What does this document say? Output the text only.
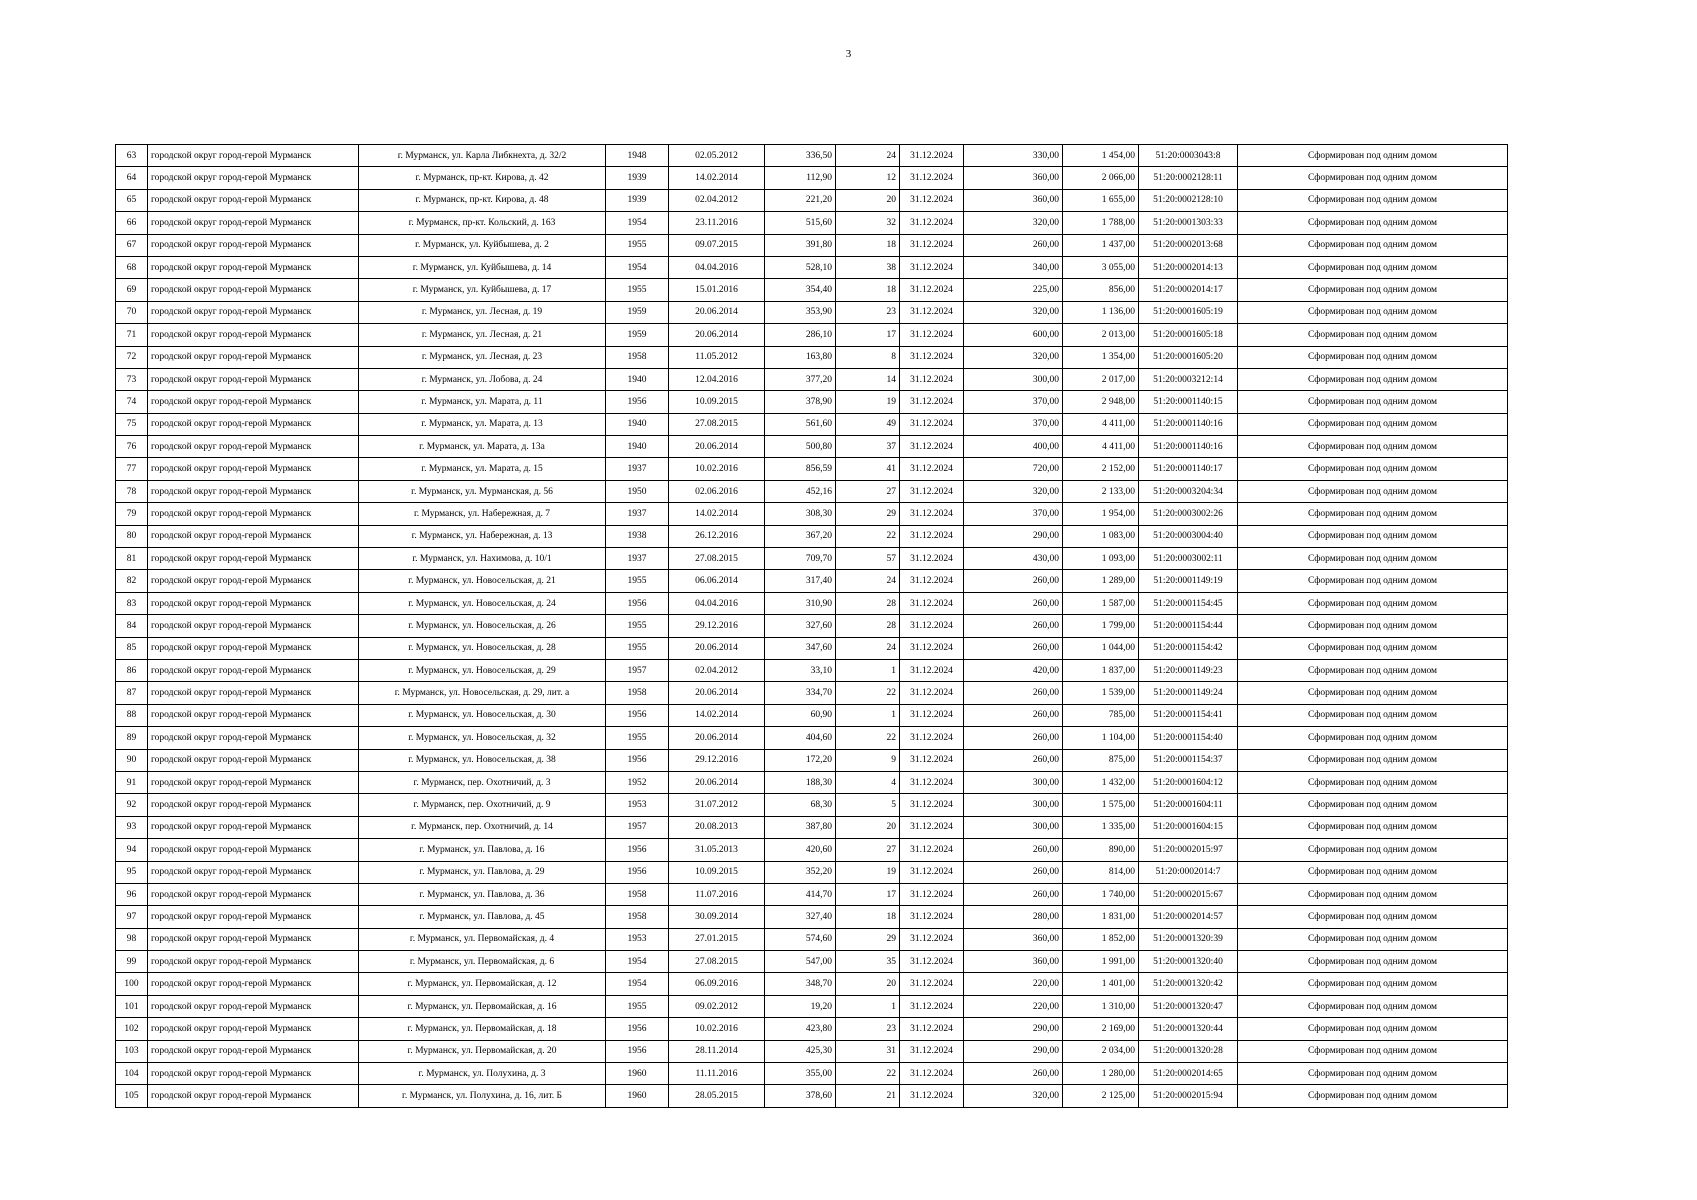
3
63	городской округ город-герой Мурманск	г. Мурманск, ул. Карла Либкнехта, д. 32/2	1948	02.05.2012	336,50	24	31.12.2024	330,00	1 454,00	51:20:0003043:8	Сформирован под одним домом
64	городской округ город-герой Мурманск	г. Мурманск, пр-кт. Кирова, д. 42	1939	14.02.2014	112,90	12	31.12.2024	360,00	2 066,00	51:20:0002128:11	Сформирован под одним домом
65	городской округ город-герой Мурманск	г. Мурманск, пр-кт. Кирова, д. 48	1939	02.04.2012	221,20	20	31.12.2024	360,00	1 655,00	51:20:0002128:10	Сформирован под одним домом
66	городской округ город-герой Мурманск	г. Мурманск, пр-кт. Кольский, д. 163	1954	23.11.2016	515,60	32	31.12.2024	320,00	1 788,00	51:20:0001303:33	Сформирован под одним домом
67	городской округ город-герой Мурманск	г. Мурманск, ул. Куйбышева, д. 2	1955	09.07.2015	391,80	18	31.12.2024	260,00	1 437,00	51:20:0002013:68	Сформирован под одним домом
68	городской округ город-герой Мурманск	г. Мурманск, ул. Куйбышева, д. 14	1954	04.04.2016	528,10	38	31.12.2024	340,00	3 055,00	51:20:0002014:13	Сформирован под одним домом
69	городской округ город-герой Мурманск	г. Мурманск, ул. Куйбышева, д. 17	1955	15.01.2016	354,40	18	31.12.2024	225,00	856,00	51:20:0002014:17	Сформирован под одним домом
70	городской округ город-герой Мурманск	г. Мурманск, ул. Лесная, д. 19	1959	20.06.2014	353,90	23	31.12.2024	320,00	1 136,00	51:20:0001605:19	Сформирован под одним домом
71	городской округ город-герой Мурманск	г. Мурманск, ул. Лесная, д. 21	1959	20.06.2014	286,10	17	31.12.2024	600,00	2 013,00	51:20:0001605:18	Сформирован под одним домом
72	городской округ город-герой Мурманск	г. Мурманск, ул. Лесная, д. 23	1958	11.05.2012	163,80	8	31.12.2024	320,00	1 354,00	51:20:0001605:20	Сформирован под одним домом
73	городской округ город-герой Мурманск	г. Мурманск, ул. Лобова, д. 24	1940	12.04.2016	377,20	14	31.12.2024	300,00	2 017,00	51:20:0003212:14	Сформирован под одним домом
74	городской округ город-герой Мурманск	г. Мурманск, ул. Марата, д. 11	1956	10.09.2015	378,90	19	31.12.2024	370,00	2 948,00	51:20:0001140:15	Сформирован под одним домом
75	городской округ город-герой Мурманск	г. Мурманск, ул. Марата, д. 13	1940	27.08.2015	561,60	49	31.12.2024	370,00	4 411,00	51:20:0001140:16	Сформирован под одним домом
76	городской округ город-герой Мурманск	г. Мурманск, ул. Марата, д. 13а	1940	20.06.2014	500,80	37	31.12.2024	400,00	4 411,00	51:20:0001140:16	Сформирован под одним домом
77	городской округ город-герой Мурманск	г. Мурманск, ул. Марата, д. 15	1937	10.02.2016	856,59	41	31.12.2024	720,00	2 152,00	51:20:0001140:17	Сформирован под одним домом
78	городской округ город-герой Мурманск	г. Мурманск, ул. Мурманская, д. 56	1950	02.06.2016	452,16	27	31.12.2024	320,00	2 133,00	51:20:0003204:34	Сформирован под одним домом
79	городской округ город-герой Мурманск	г. Мурманск, ул. Набережная, д. 7	1937	14.02.2014	308,30	29	31.12.2024	370,00	1 954,00	51:20:0003002:26	Сформирован под одним домом
80	городской округ город-герой Мурманск	г. Мурманск, ул. Набережная, д. 13	1938	26.12.2016	367,20	22	31.12.2024	290,00	1 083,00	51:20:0003004:40	Сформирован под одним домом
81	городской округ город-герой Мурманск	г. Мурманск, ул. Нахимова, д. 10/1	1937	27.08.2015	709,70	57	31.12.2024	430,00	1 093,00	51:20:0003002:11	Сформирован под одним домом
82	городской округ город-герой Мурманск	г. Мурманск, ул. Новосельская, д. 21	1955	06.06.2014	317,40	24	31.12.2024	260,00	1 289,00	51:20:0001149:19	Сформирован под одним домом
83	городской округ город-герой Мурманск	г. Мурманск, ул. Новосельская, д. 24	1956	04.04.2016	310,90	28	31.12.2024	260,00	1 587,00	51:20:0001154:45	Сформирован под одним домом
84	городской округ город-герой Мурманск	г. Мурманск, ул. Новосельская, д. 26	1955	29.12.2016	327,60	28	31.12.2024	260,00	1 799,00	51:20:0001154:44	Сформирован под одним домом
85	городской округ город-герой Мурманск	г. Мурманск, ул. Новосельская, д. 28	1955	20.06.2014	347,60	24	31.12.2024	260,00	1 044,00	51:20:0001154:42	Сформирован под одним домом
86	городской округ город-герой Мурманск	г. Мурманск, ул. Новосельская, д. 29	1957	02.04.2012	33,10	1	31.12.2024	420,00	1 837,00	51:20:0001149:23	Сформирован под одним домом
87	городской округ город-герой Мурманск	г. Мурманск, ул. Новосельская, д. 29, лит. а	1958	20.06.2014	334,70	22	31.12.2024	260,00	1 539,00	51:20:0001149:24	Сформирован под одним домом
88	городской округ город-герой Мурманск	г. Мурманск, ул. Новосельская, д. 30	1956	14.02.2014	60,90	1	31.12.2024	260,00	785,00	51:20:0001154:41	Сформирован под одним домом
89	городской округ город-герой Мурманск	г. Мурманск, ул. Новосельская, д. 32	1955	20.06.2014	404,60	22	31.12.2024	260,00	1 104,00	51:20:0001154:40	Сформирован под одним домом
90	городской округ город-герой Мурманск	г. Мурманск, ул. Новосельская, д. 38	1956	29.12.2016	172,20	9	31.12.2024	260,00	875,00	51:20:0001154:37	Сформирован под одним домом
91	городской округ город-герой Мурманск	г. Мурманск, пер. Охотничий, д. 3	1952	20.06.2014	188,30	4	31.12.2024	300,00	1 432,00	51:20:0001604:12	Сформирован под одним домом
92	городской округ город-герой Мурманск	г. Мурманск, пер. Охотничий, д. 9	1953	31.07.2012	68,30	5	31.12.2024	300,00	1 575,00	51:20:0001604:11	Сформирован под одним домом
93	городской округ город-герой Мурманск	г. Мурманск, пер. Охотничий, д. 14	1957	20.08.2013	387,80	20	31.12.2024	300,00	1 335,00	51:20:0001604:15	Сформирован под одним домом
94	городской округ город-герой Мурманск	г. Мурманск, ул. Павлова, д. 16	1956	31.05.2013	420,60	27	31.12.2024	260,00	890,00	51:20:0002015:97	Сформирован под одним домом
95	городской округ город-герой Мурманск	г. Мурманск, ул. Павлова, д. 29	1956	10.09.2015	352,20	19	31.12.2024	260,00	814,00	51:20:0002014:7	Сформирован под одним домом
96	городской округ город-герой Мурманск	г. Мурманск, ул. Павлова, д. 36	1958	11.07.2016	414,70	17	31.12.2024	260,00	1 740,00	51:20:0002015:67	Сформирован под одним домом
97	городской округ город-герой Мурманск	г. Мурманск, ул. Павлова, д. 45	1958	30.09.2014	327,40	18	31.12.2024	280,00	1 831,00	51:20:0002014:57	Сформирован под одним домом
98	городской округ город-герой Мурманск	г. Мурманск, ул. Первомайская, д. 4	1953	27.01.2015	574,60	29	31.12.2024	360,00	1 852,00	51:20:0001320:39	Сформирован под одним домом
99	городской округ город-герой Мурманск	г. Мурманск, ул. Первомайская, д. 6	1954	27.08.2015	547,00	35	31.12.2024	360,00	1 991,00	51:20:0001320:40	Сформирован под одним домом
100	городской округ город-герой Мурманск	г. Мурманск, ул. Первомайская, д. 12	1954	06.09.2016	348,70	20	31.12.2024	220,00	1 401,00	51:20:0001320:42	Сформирован под одним домом
101	городской округ город-герой Мурманск	г. Мурманск, ул. Первомайская, д. 16	1955	09.02.2012	19,20	1	31.12.2024	220,00	1 310,00	51:20:0001320:47	Сформирован под одним домом
102	городской округ город-герой Мурманск	г. Мурманск, ул. Первомайская, д. 18	1956	10.02.2016	423,80	23	31.12.2024	290,00	2 169,00	51:20:0001320:44	Сформирован под одним домом
103	городской округ город-герой Мурманск	г. Мурманск, ул. Первомайская, д. 20	1956	28.11.2014	425,30	31	31.12.2024	290,00	2 034,00	51:20:0001320:28	Сформирован под одним домом
104	городской округ город-герой Мурманск	г. Мурманск, ул. Полухина, д. 3	1960	11.11.2016	355,00	22	31.12.2024	260,00	1 280,00	51:20:0002014:65	Сформирован под одним домом
105	городской округ город-герой Мурманск	г. Мурманск, ул. Полухина, д. 16, лит. Б	1960	28.05.2015	378,60	21	31.12.2024	320,00	2 125,00	51:20:0002015:94	Сформирован под одним домом
